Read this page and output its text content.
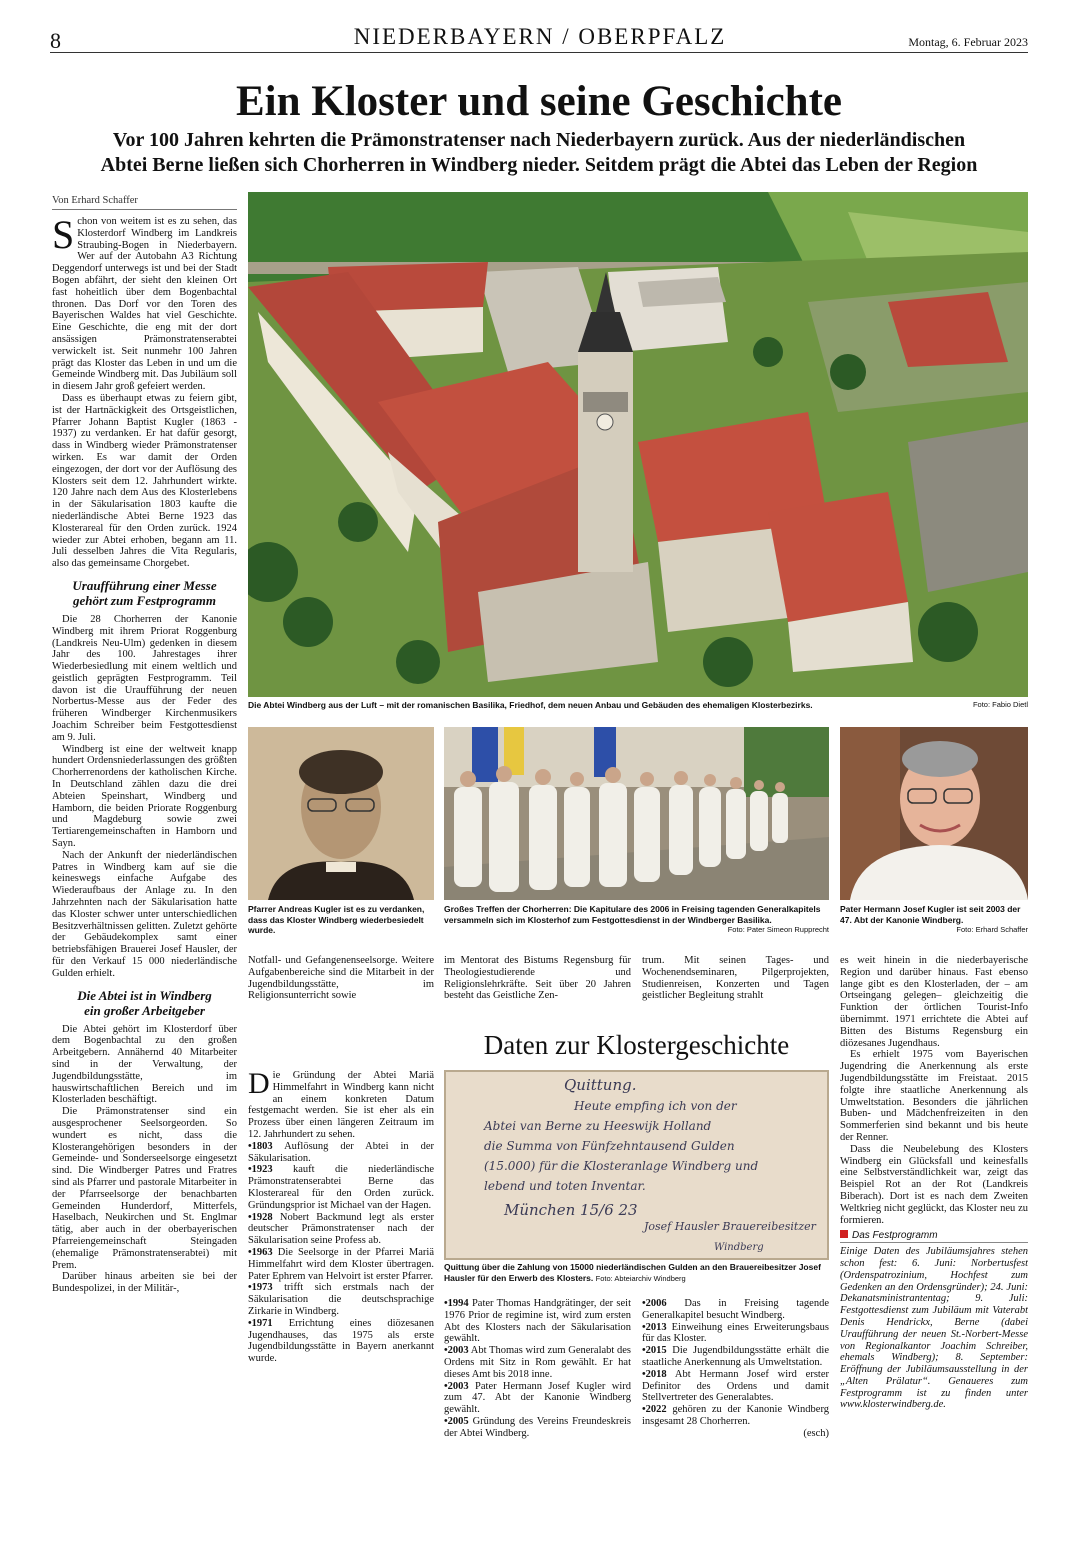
8	NIEDERBAYERN / OBERPFALZ	Montag, 6. Februar 2023
Ein Kloster und seine Geschichte
Vor 100 Jahren kehrten die Prämonstratenser nach Niederbayern zurück. Aus der niederländischen
Abtei Berne ließen sich Chorherren in Windberg nieder. Seitdem prägt die Abtei das Leben der Region
Von Erhard Schaffer

Schon von weitem ist es zu sehen, das Klosterdorf Windberg im Landkreis Straubing-Bogen in Niederbayern. Wer auf der Autobahn A3 Richtung Deggendorf unterwegs ist und bei der Stadt Bogen abfährt, der sieht den kleinen Ort fast hoheitlich über dem Bogenbachtal thronen. Das Dorf vor den Toren des Bayerischen Waldes hat viel Geschichte. Eine Geschichte, die eng mit der dort ansässigen Prämonstratenserabtei verwickelt ist. Seit nunmehr 100 Jahren prägt das Kloster das Leben in und um die Gemeinde Windberg mit. Das Jubiläum soll in diesem Jahr groß gefeiert werden.

Dass es überhaupt etwas zu feiern gibt, ist der Hartnäckigkeit des Ortsgeistlichen, Pfarrer Johann Baptist Kugler (1863 - 1937) zu verdanken. Er hat dafür gesorgt, dass in Windberg wieder Prämonstratenser wirken. Es war damit der Orden eingezogen, der dort vor der Auflösung des Klosters seit dem 12. Jahrhundert wirkte. 120 Jahre nach dem Aus des Klosterlebens in der Säkularisation 1803 kaufte die niederländische Abtei Berne 1923 das Klosterareal für den Orden zurück. 1924 wieder zur Abtei erhoben, begann am 11. Juli desselben Jahres die Vita Regularis, also das gemeinsame Chorgebet.

Uraufführung einer Messe
gehört zum Festprogramm

Die 28 Chorherren der Kanonie Windberg mit ihrem Priorat Roggenburg (Landkreis Neu-Ulm) gedenken in diesem Jahr des 100. Jahrestages ihrer Wiederbesiedlung mit einem weltlich und geistlich geprägten Festprogramm. Teil davon ist die Uraufführung der neuen Norbertus-Messe aus der Feder des früheren Windberger Kirchenmusikers Joachim Schreiber beim Festgottesdienst am 9. Juli.

Windberg ist eine der weltweit knapp hundert Ordensniederlassungen des größten Chorherrenordens der katholischen Kirche. In Deutschland zählen dazu die drei Abteien Speinshart, Windberg und Hamborn, die beiden Priorate Roggenburg und Magdeburg sowie zwei Tertiarengemeinschaften in Hamborn und Sayn.

Nach der Ankunft der niederländischen Patres in Windberg kam auf sie die keineswegs einfache Aufgabe des Wiederaufbaus der Anlage zu. In den Jahrzehnten nach der Säkularisation hatte das Kloster schwer unter unterschiedlichen Besitzverhältnissen gelitten. Zuletzt gehörte der Gebäudekomplex samt einer betriebsfähigen Brauerei Josef Hausler, der für den Verkauf 15 000 niederländische Gulden erhielt.

Die Abtei ist in Windberg
ein großer Arbeitgeber

Die Abtei gehört im Klosterdorf über dem Bogenbachtal zu den großen Arbeitgebern. Annähernd 40 Mitarbeiter sind in der Verwaltung, der Jugendbildungsstätte, im hauswirtschaftlichen Bereich und im Klosterladen beschäftigt.

Die Prämonstratenser sind ein ausgesprochener Seelsorgeorden. So wundert es nicht, dass die Klosterangehörigen besonders in der Gemeinde- und Sonderseelsorge eingesetzt sind. Die Windberger Patres und Fratres sind als Pfarrer und pastorale Mitarbeiter in der Pfarrseelsorge der benachbarten Gemeinden Hunderdorf, Mitterfels, Haselbach, Neukirchen und St. Englmar tätig, aber auch in der oberbayerischen Pfarreiengemeinschaft Steingaden (ehemalige Prämonstratenserabtei) mit Prem.

Darüber hinaus arbeiten sie bei der Bundespolizei, in der Militär-,

Die Abtei Windberg aus der Luft – mit der romanischen Basilika, Friedhof, dem neuen Anbau und Gebäuden des ehemaligen Klosterbezirks.	Foto: Fabio Dietl
Pfarrer Andreas Kugler ist es zu verdanken, dass das Kloster Windberg wiederbesiedelt wurde.
Großes Treffen der Chorherren: Die Kapitulare des 2006 in Freising tagenden Generalkapitels versammeln sich im Klosterhof zum Festgottesdienst in der Windberger Basilika.
Foto: Pater Simeon Rupprecht
Pater Hermann Josef Kugler ist seit 2003 der 47. Abt der Kanonie Windberg.
Foto: Erhard Schaffer

Notfall- und Gefangenenseelsorge. Weitere Aufgabenbereiche sind die Mitarbeit in der Jugendbildungsstätte, im Religionsunterricht sowie

im Mentorat des Bistums Regensburg für Theologiestudierende und Religionslehrkräfte. Seit über 20 Jahren besteht das Geistliche Zen-

trum. Mit seinen Tages- und Wochenendseminaren, Pilgerprojekten, Studienreisen, Konzerten und Tagen geistlicher Begleitung strahlt

es weit hinein in die niederbayerische Region und darüber hinaus. Fast ebenso lange gibt es den Klosterladen, der – am Ortseingang gelegen– gleichzeitig die Funktion der örtlichen Tourist-Info übernimmt. 1971 errichtete die Abtei auf Bitten des Bistums Regensburg ein diözesanes Jugendhaus.

Es erhielt 1975 vom Bayerischen Jugendring die Anerkennung als erste Jugendbildungsstätte im Freistaat. 2015 folgte ihre staatliche Anerkennung als Umweltstation. Besonders die jährlichen Buben- und Mädchenfreizeiten in den Sommerferien sind bekannt und bis heute der Renner.

Dass die Neubelebung des Klosters Windberg ein Glücksfall und keinesfalls eine Selbstverständlichkeit war, zeigt das Beispiel Rot an der Rot (Landkreis Biberach). Dort ist es nach dem Zweiten Weltkrieg nicht geglückt, das Kloster neu zu formieren.

Das Festprogramm

Einige Daten des Jubiläumsjahres stehen schon fest: 6. Juni: Norbertusfest (Ordenspatrozinium, Hochfest zum Gedenken an den Ordensgründer); 24. Juni: Dekanatsministrantentag; 9. Juli: Festgottesdienst zum Jubiläum mit Vaterabt Denis Hendrickx, Berne (dabei Uraufführung der neuen St.-Norbert-Messe von Regionalkantor Joachim Schreiber, ehemals Windberg); 8. September: Eröffnung der Jubiläumsausstellung in der „Alten Prälatur“. Genaueres zum Festprogramm ist zu finden unter www.klosterwindberg.de.

Daten zur Klostergeschichte

Die Gründung der Abtei Mariä Himmelfahrt in Windberg kann nicht an einem konkreten Datum festgemacht werden. Sie ist eher als ein Prozess über einen längeren Zeitraum im 12. Jahrhundert zu sehen.

•1803 Auflösung der Abtei in der Säkularisation.

•1923 kauft die niederländische Prämonstratenserabtei Berne das Klosterareal für den Orden zurück. Gründungsprior ist Michael van der Hagen.

•1928 Nobert Backmund legt als erster deutscher Prämonstratenser nach der Säkularisation seine Profess ab.

•1963 Die Seelsorge in der Pfarrei Mariä Himmelfahrt wird dem Kloster übertragen. Pater Ephrem van Helvoirt ist erster Pfarrer.

•1973 trifft sich erstmals nach der Säkularisation die deutschsprachige Zirkarie in Windberg.

•1971 Errichtung eines diözesanen Jugendhauses, das 1975 als erste Jugendbildungsstätte in Bayern anerkannt wurde.

Quittung.
Heute empfing ich von der
Abtei van Berne zu Heeswijk Holland
die Summa von Fünfzehntausend Gulden
(15.000) für die Klosteranlage Windberg und
lebend und toten Inventar.
München 15/6 23
Josef Hausler Brauereibesitzer
Windberg
Quittung über die Zahlung von 15000 niederländischen Gulden an den Brauereibesitzer Josef Hausler für den Erwerb des Klosters. Foto: Abteiarchiv Windberg

•1994 Pater Thomas Handgrätinger, der seit 1976 Prior de regimine ist, wird zum ersten Abt des Klosters nach der Säkularisation gewählt.

•2003 Abt Thomas wird zum Generalabt des Ordens mit Sitz in Rom gewählt. Er hat dieses Amt bis 2018 inne.

•2003 Pater Hermann Josef Kugler wird zum 47. Abt der Kanonie Windberg gewählt.

•2005 Gründung des Vereins Freundeskreis der Abtei Windberg.

•2006 Das in Freising tagende Generalkapitel besucht Windberg.

•2013 Einweihung eines Erweiterungsbaus für das Kloster.

•2015 Die Jugendbildungsstätte erhält die staatliche Anerkennung als Umweltstation.

•2018 Abt Hermann Josef wird erster Definitor des Ordens und damit Stellvertreter des Generalabtes.

•2022 gehören zu der Kanonie Windberg insgesamt 28 Chorherren.

(esch)
